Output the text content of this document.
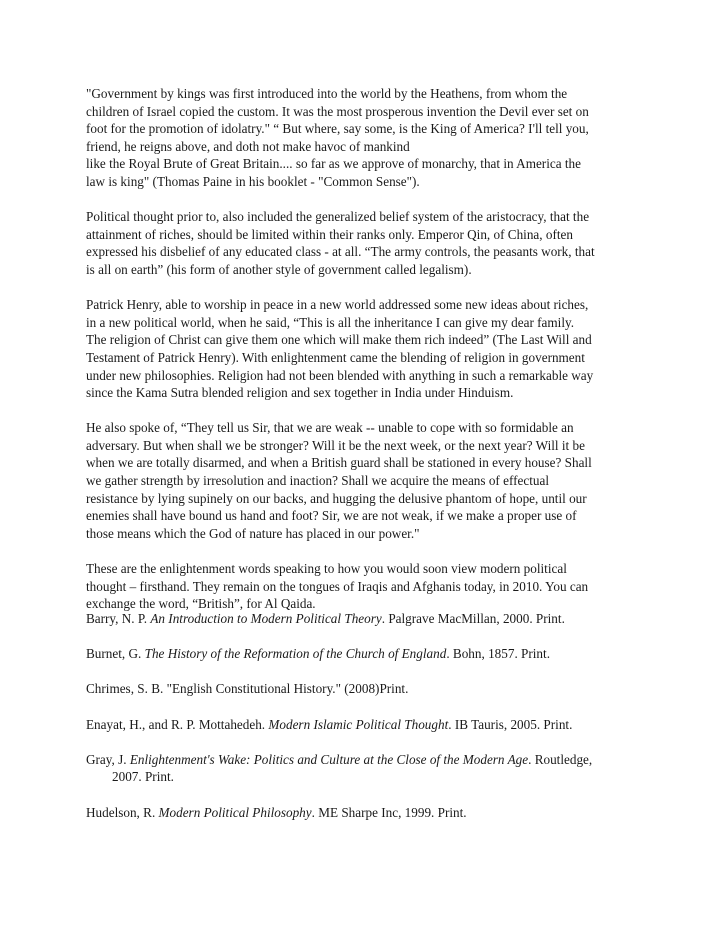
"Government by kings was first introduced into the world by the Heathens, from whom the
children of Israel copied the custom. It was the most prosperous invention the Devil ever set on
foot for the promotion of idolatry." “ But where, say some, is the King of America? I'll tell you,
friend, he reigns above, and doth not make havoc of mankind
like the Royal Brute of Great Britain.... so far as we approve of monarchy, that in America the
law is king" (Thomas Paine in his booklet - "Common Sense").
Political thought prior to, also included the generalized belief system of the aristocracy, that the
attainment of riches, should be limited within their ranks only. Emperor Qin, of China, often
expressed his disbelief of any educated class - at all. “The army controls, the peasants work, that
is all on earth” (his form of another style of government called legalism).
Patrick Henry, able to worship in peace in a new world addressed some new ideas about riches,
in a new political world, when he said, “This is all the inheritance I can give my dear family.
The religion of Christ can give them one which will make them rich indeed” (The Last Will and
Testament of Patrick Henry). With enlightenment came the blending of religion in government
under new philosophies. Religion had not been blended with anything in such a remarkable way
since the Kama Sutra blended religion and sex together in India under Hinduism.
He also spoke of, “They tell us Sir, that we are weak -- unable to cope with so formidable an
adversary. But when shall we be stronger? Will it be the next week, or the next year? Will it be
when we are totally disarmed, and when a British guard shall be stationed in every house? Shall
we gather strength by irresolution and inaction? Shall we acquire the means of effectual
resistance by lying supinely on our backs, and hugging the delusive phantom of hope, until our
enemies shall have bound us hand and foot? Sir, we are not weak, if we make a proper use of
those means which the God of nature has placed in our power."
These are the enlightenment words speaking to how you would soon view modern political
thought – firsthand. They remain on the tongues of Iraqis and Afghanis today, in 2010. You can
exchange the word, “British”, for Al Qaida.
Barry, N. P. An Introduction to Modern Political Theory. Palgrave MacMillan, 2000. Print.
Burnet, G. The History of the Reformation of the Church of England. Bohn, 1857. Print.
Chrimes, S. B. "English Constitutional History." (2008)Print.
Enayat, H., and R. P. Mottahedeh. Modern Islamic Political Thought. IB Tauris, 2005. Print.
Gray, J. Enlightenment's Wake: Politics and Culture at the Close of the Modern Age. Routledge,
2007. Print.
Hudelson, R. Modern Political Philosophy. ME Sharpe Inc, 1999. Print.
